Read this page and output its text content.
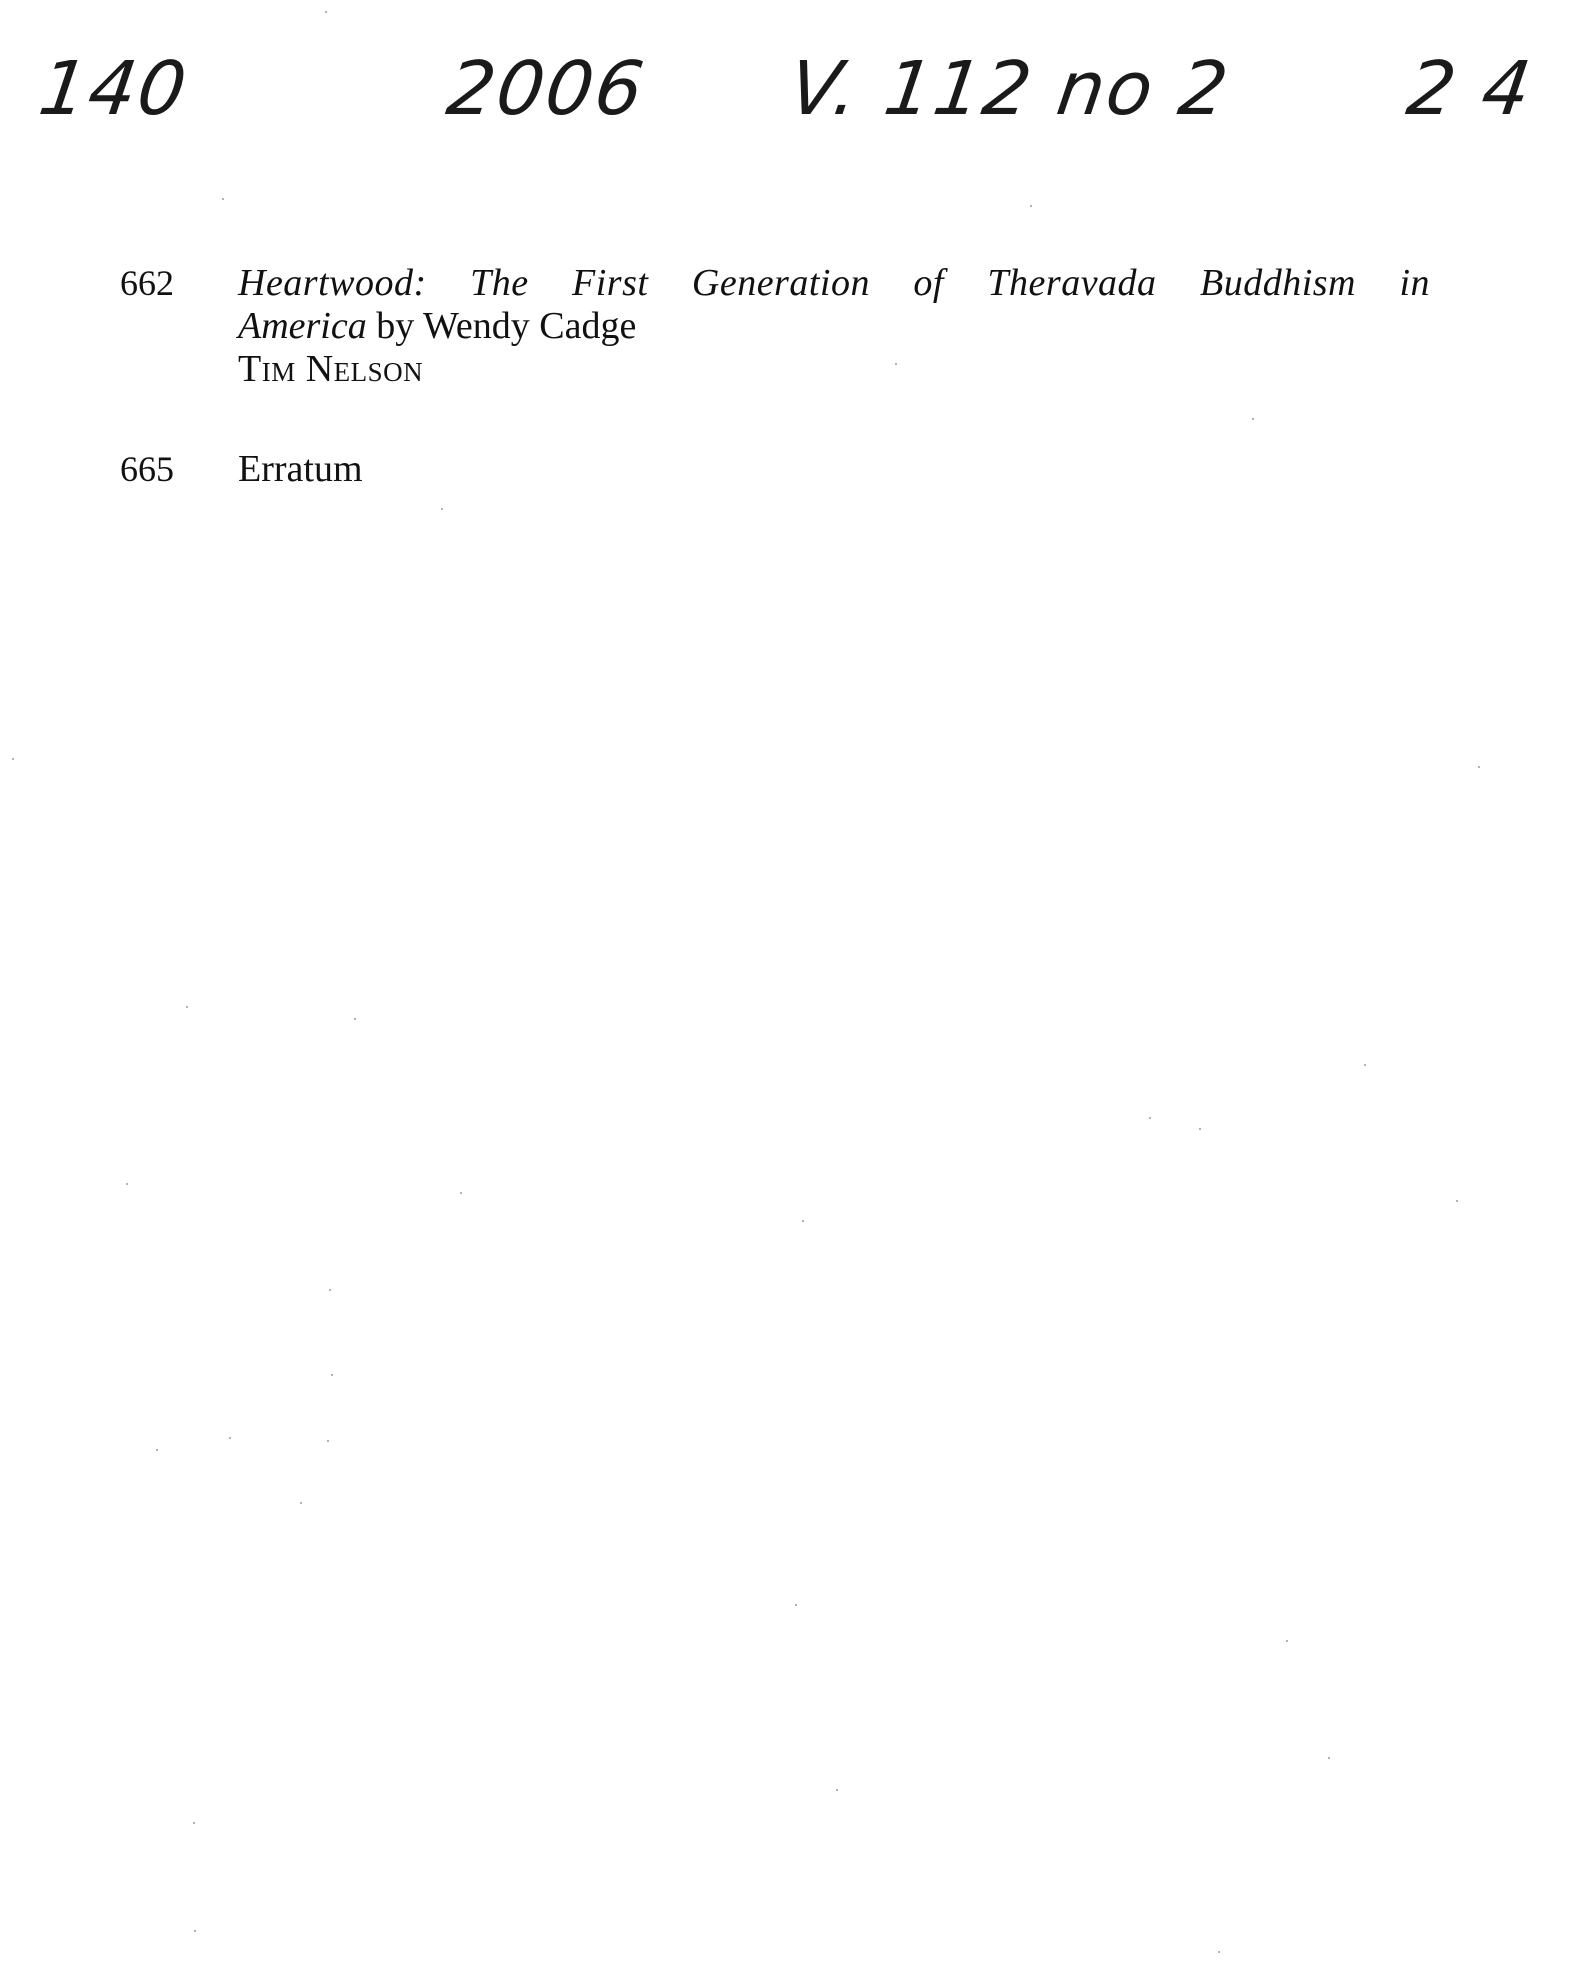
140	2006 V. 112 no 2 2 4
662	Heartwood: The First Generation of Theravada Buddhism in
America by Wendy Cadge
Tim Nelson
665	Erratum
